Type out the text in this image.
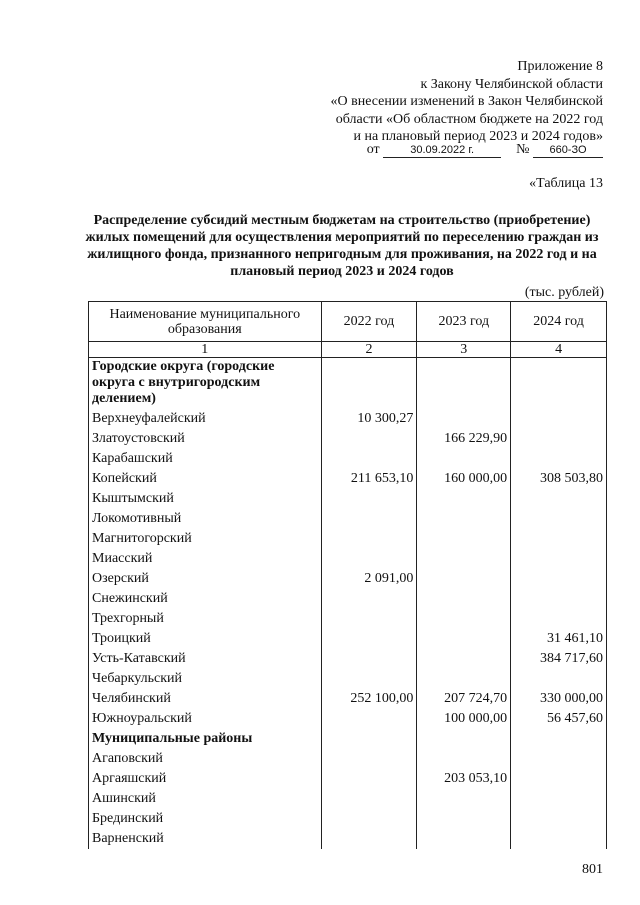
Приложение 8
к Закону Челябинской области
«О внесении изменений в Закон Челябинской
области «Об областном бюджете на 2022 год
и на плановый период 2023 и 2024 годов»
от	30.09.2022 г.	№ 660-ЗО
«Таблица 13
Распределение субсидий местным бюджетам на строительство (приобретение) жилых помещений для осуществления мероприятий по переселению граждан из жилищного фонда, признанного непригодным для проживания, на 2022 год и на плановый период 2023 и 2024 годов
(тыс. рублей)
Наименование муниципального образования	2022 год	2023 год	2024 год
1	2	3	4
Городские округа (городские округа с внутригородским делением)			
Верхнеуфалейский	10 300,27		
Златоустовский		166 229,90	
Карабашский			
Копейский	211 653,10	160 000,00	308 503,80
Кыштымский			
Локомотивный			
Магнитогорский			
Миасский			
Озерский	2 091,00		
Снежинский			
Трехгорный			
Троицкий			31 461,10
Усть-Катавский			384 717,60
Чебаркульский			
Челябинский	252 100,00	207 724,70	330 000,00
Южноуральский		100 000,00	56 457,60
Муниципальные районы			
Агаповский			
Аргаяшский		203 053,10	
Ашинский			
Брединский			
Варненский			
801
